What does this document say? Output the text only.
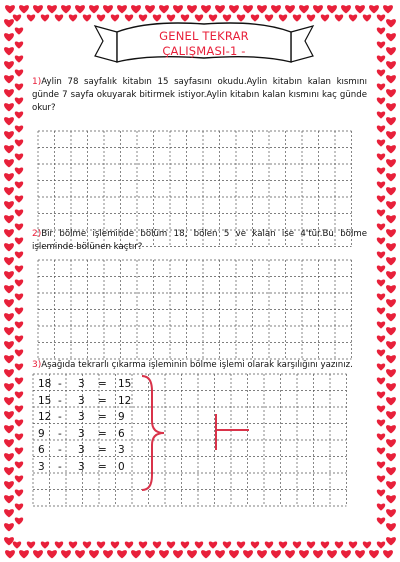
GENEL TEKRAR
ÇALIŞMASI-1 -
1)Aylin 78 sayfalık kitabın 15 sayfasını okudu.Aylin kitabın kalan kısmını günde 7 sayfa okuyarak bitirmek istiyor.Aylin kitabın kalan kısmını kaç günde okur?
2)Bir bölme işleminde bölüm 18, bölen 5 ve kalan ise 4'tür.Bu bölme işleminde bölünen kaçtır?
3)Aşağıda tekrarlı çıkarma işleminin bölme işlemi olarak karşılığını yazınız.
18 - 3 = 15
15 - 3 = 12
12 - 3 = 9
9 - 3 = 6
6 - 3 = 3
3 - 3 = 0
